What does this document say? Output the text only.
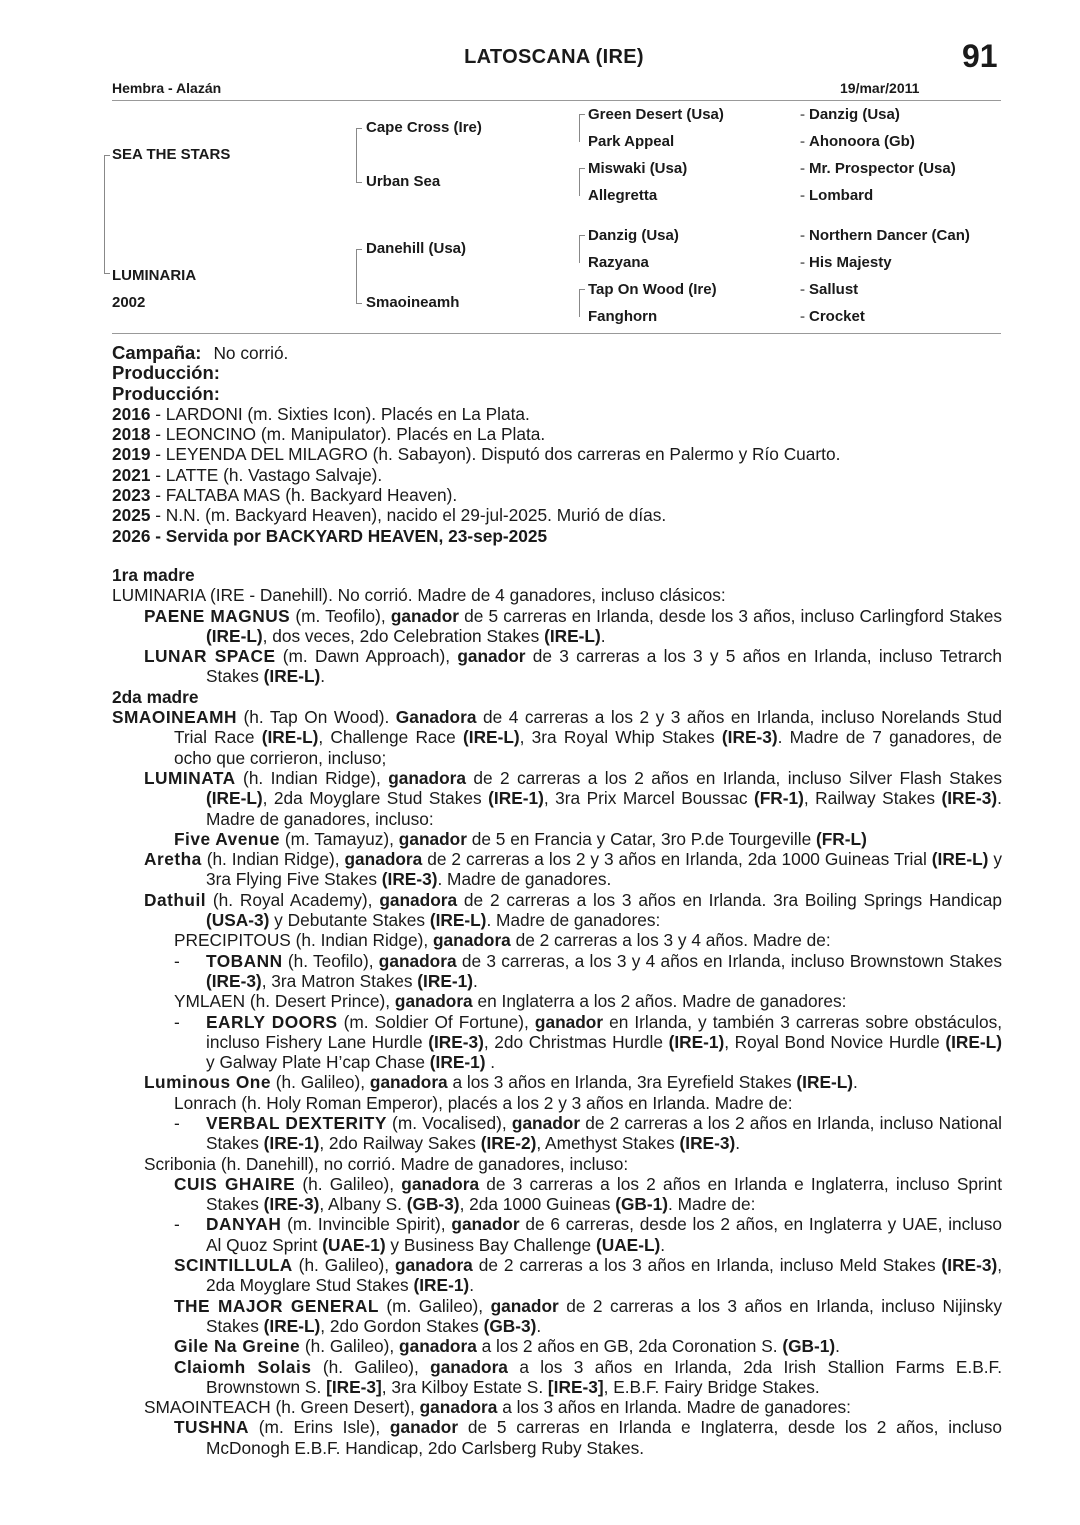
LATOSCANA (IRE)	91
Hembra - Alazán	19/mar/2011
SEA THE STARS
LUMINARIA
2002
Cape Cross (Ire)
Urban Sea
Danehill (Usa)
Smaoineamh
Green Desert (Usa)
Park Appeal
Miswaki (Usa)
Allegretta
Danzig (Usa)
Razyana
Tap On Wood (Ire)
Fanghorn
- Danzig (Usa)
- Ahonoora (Gb)
- Mr. Prospector (Usa)
- Lombard
- Northern Dancer (Can)
- His Majesty
- Sallust
- Crocket

Campaña: No corrió.

Producción:

Producción:

2016 - LARDONI (m. Sixties Icon). Placés en La Plata.

2018 - LEONCINO (m. Manipulator). Placés en La Plata.

2019 - LEYENDA DEL MILAGRO (h. Sabayon). Disputó dos carreras en Palermo y Río Cuarto.

2021 - LATTE (h. Vastago Salvaje).

2023 - FALTABA MAS (h. Backyard Heaven).

2025 - N.N. (m. Backyard Heaven), nacido el 29-jul-2025. Murió de días.

2026 - Servida por BACKYARD HEAVEN, 23-sep-2025

1ra madre

LUMINARIA (IRE - Danehill). No corrió. Madre de 4 ganadores, incluso clásicos:

PAENE MAGNUS (m. Teofilo), ganador de 5 carreras en Irlanda, desde los 3 años, incluso Carlingford Stakes (IRE-L), dos veces, 2do Celebration Stakes (IRE-L).

LUNAR SPACE (m. Dawn Approach), ganador de 3 carreras a los 3 y 5 años en Irlanda, incluso Tetrarch Stakes (IRE-L).

2da madre

SMAOINEAMH (h. Tap On Wood). Ganadora de 4 carreras a los 2 y 3 años en Irlanda, incluso Norelands Stud Trial Race (IRE-L), Challenge Race (IRE-L), 3ra Royal Whip Stakes (IRE-3). Madre de 7 ganadores, de ocho que corrieron, incluso;

LUMINATA (h. Indian Ridge), ganadora de 2 carreras a los 2 años en Irlanda, incluso Silver Flash Stakes (IRE-L), 2da Moyglare Stud Stakes (IRE-1), 3ra Prix Marcel Boussac (FR-1), Railway Stakes (IRE-3). Madre de ganadores, incluso:

Five Avenue (m. Tamayuz), ganador de 5 en Francia y Catar, 3ro P.de Tourgeville (FR-L)

Aretha (h. Indian Ridge), ganadora de 2 carreras a los 2 y 3 años en Irlanda, 2da 1000 Guineas Trial (IRE-L) y 3ra Flying Five Stakes (IRE-3). Madre de ganadores.

Dathuil (h. Royal Academy), ganadora de 2 carreras a los 3 años en Irlanda. 3ra Boiling Springs Handicap (USA-3) y Debutante Stakes (IRE-L). Madre de ganadores:

PRECIPITOUS (h. Indian Ridge), ganadora de 2 carreras a los 3 y 4 años. Madre de:

- TOBANN (h. Teofilo), ganadora de 3 carreras, a los 3 y 4 años en Irlanda, incluso Brownstown Stakes (IRE-3), 3ra Matron Stakes (IRE-1).

YMLAEN (h. Desert Prince), ganadora en Inglaterra a los 2 años. Madre de ganadores:

- EARLY DOORS (m. Soldier Of Fortune), ganador en Irlanda, y también 3 carreras sobre obstáculos, incluso Fishery Lane Hurdle (IRE-3), 2do Christmas Hurdle (IRE-1), Royal Bond Novice Hurdle (IRE-L) y Galway Plate H’cap Chase (IRE-1) .

Luminous One (h. Galileo), ganadora a los 3 años en Irlanda, 3ra Eyrefield Stakes (IRE-L).

Lonrach (h. Holy Roman Emperor), placés a los 2 y 3 años en Irlanda. Madre de:

- VERBAL DEXTERITY (m. Vocalised), ganador de 2 carreras a los 2 años en Irlanda, incluso National Stakes (IRE-1), 2do Railway Sakes (IRE-2), Amethyst Stakes (IRE-3).

Scribonia (h. Danehill), no corrió. Madre de ganadores, incluso:

CUIS GHAIRE (h. Galileo), ganadora de 3 carreras a los 2 años en Irlanda e Inglaterra, incluso Sprint Stakes (IRE-3), Albany S. (GB-3), 2da 1000 Guineas (GB-1). Madre de:

- DANYAH (m. Invincible Spirit), ganador de 6 carreras, desde los 2 años, en Inglaterra y UAE, incluso Al Quoz Sprint (UAE-1) y Business Bay Challenge (UAE-L).

SCINTILLULA (h. Galileo), ganadora de 2 carreras a los 3 años en Irlanda, incluso Meld Stakes (IRE-3), 2da Moyglare Stud Stakes (IRE-1).

THE MAJOR GENERAL (m. Galileo), ganador de 2 carreras a los 3 años en Irlanda, incluso Nijinsky Stakes (IRE-L), 2do Gordon Stakes (GB-3).

Gile Na Greine (h. Galileo), ganadora a los 2 años en GB, 2da Coronation S. (GB-1).

Claiomh Solais (h. Galileo), ganadora a los 3 años en Irlanda, 2da Irish Stallion Farms E.B.F. Brownstown S. [IRE-3], 3ra Kilboy Estate S. [IRE-3], E.B.F. Fairy Bridge Stakes.

SMAOINTEACH (h. Green Desert), ganadora a los 3 años en Irlanda. Madre de ganadores:

TUSHNA (m. Erins Isle), ganador de 5 carreras en Irlanda e Inglaterra, desde los 2 años, incluso McDonogh E.B.F. Handicap, 2do Carlsberg Ruby Stakes.
